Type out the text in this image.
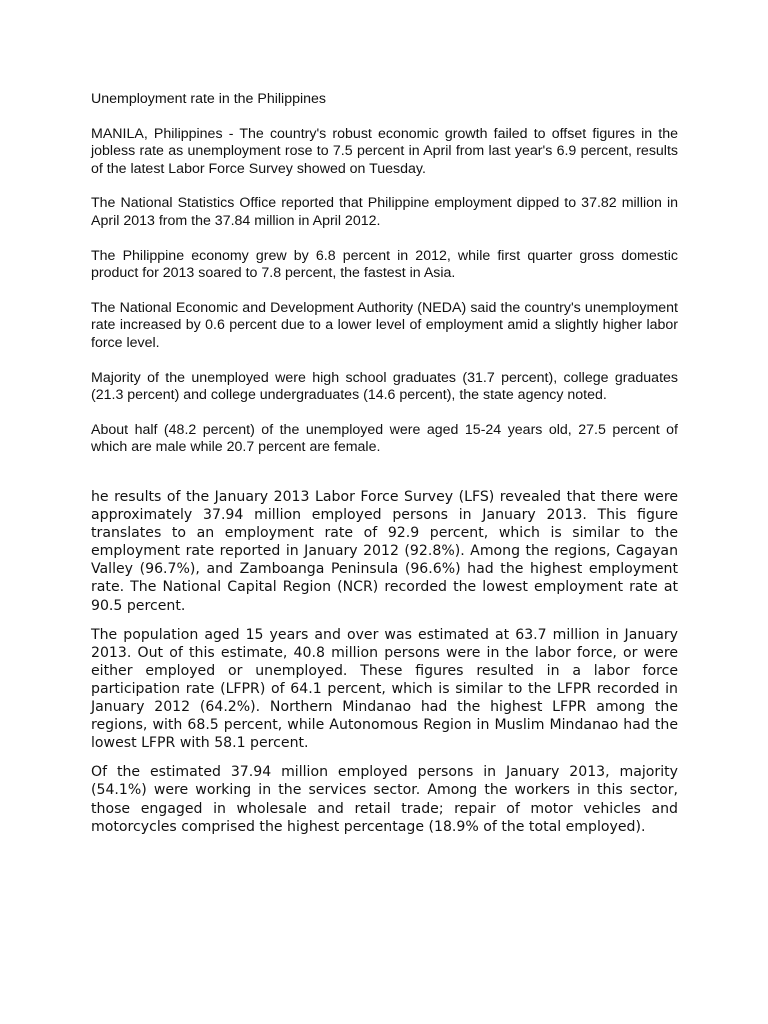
Unemployment rate in the Philippines

MANILA, Philippines - The country's robust economic growth failed to offset figures in the jobless rate as unemployment rose to 7.5 percent in April from last year's 6.9 percent, results of the latest Labor Force Survey showed on Tuesday.

The National Statistics Office reported that Philippine employment dipped to 37.82 million in April 2013 from the 37.84 million in April 2012.

The Philippine economy grew by 6.8 percent in 2012, while first quarter gross domestic product for 2013 soared to 7.8 percent, the fastest in Asia.

The National Economic and Development Authority (NEDA) said the country's unemployment rate increased by 0.6 percent due to a lower level of employment amid a slightly higher labor force level.

Majority of the unemployed were high school graduates (31.7 percent), college graduates (21.3 percent) and college undergraduates (14.6 percent), the state agency noted.

About half (48.2 percent) of the unemployed were aged 15-24 years old, 27.5 percent of which are male while 20.7 percent are female.

he results of the January 2013 Labor Force Survey (LFS) revealed that there were approximately 37.94 million employed persons in January 2013. This figure translates to an employment rate of 92.9 percent, which is similar to the employment rate reported in January 2012 (92.8%). Among the regions, Cagayan Valley (96.7%), and Zamboanga Peninsula (96.6%) had the highest employment rate. The National Capital Region (NCR) recorded the lowest employment rate at 90.5 percent.

The population aged 15 years and over was estimated at 63.7 million in January 2013. Out of this estimate, 40.8 million persons were in the labor force, or were either employed or unemployed. These figures resulted in a labor force participation rate (LFPR) of 64.1 percent, which is similar to the LFPR recorded in January 2012 (64.2%). Northern Mindanao had the highest LFPR among the regions, with 68.5 percent, while Autonomous Region in Muslim Mindanao had the lowest LFPR with 58.1 percent.

Of the estimated 37.94 million employed persons in January 2013, majority (54.1%) were working in the services sector. Among the workers in this sector, those engaged in wholesale and retail trade; repair of motor vehicles and motorcycles comprised the highest percentage (18.9% of the total employed).
